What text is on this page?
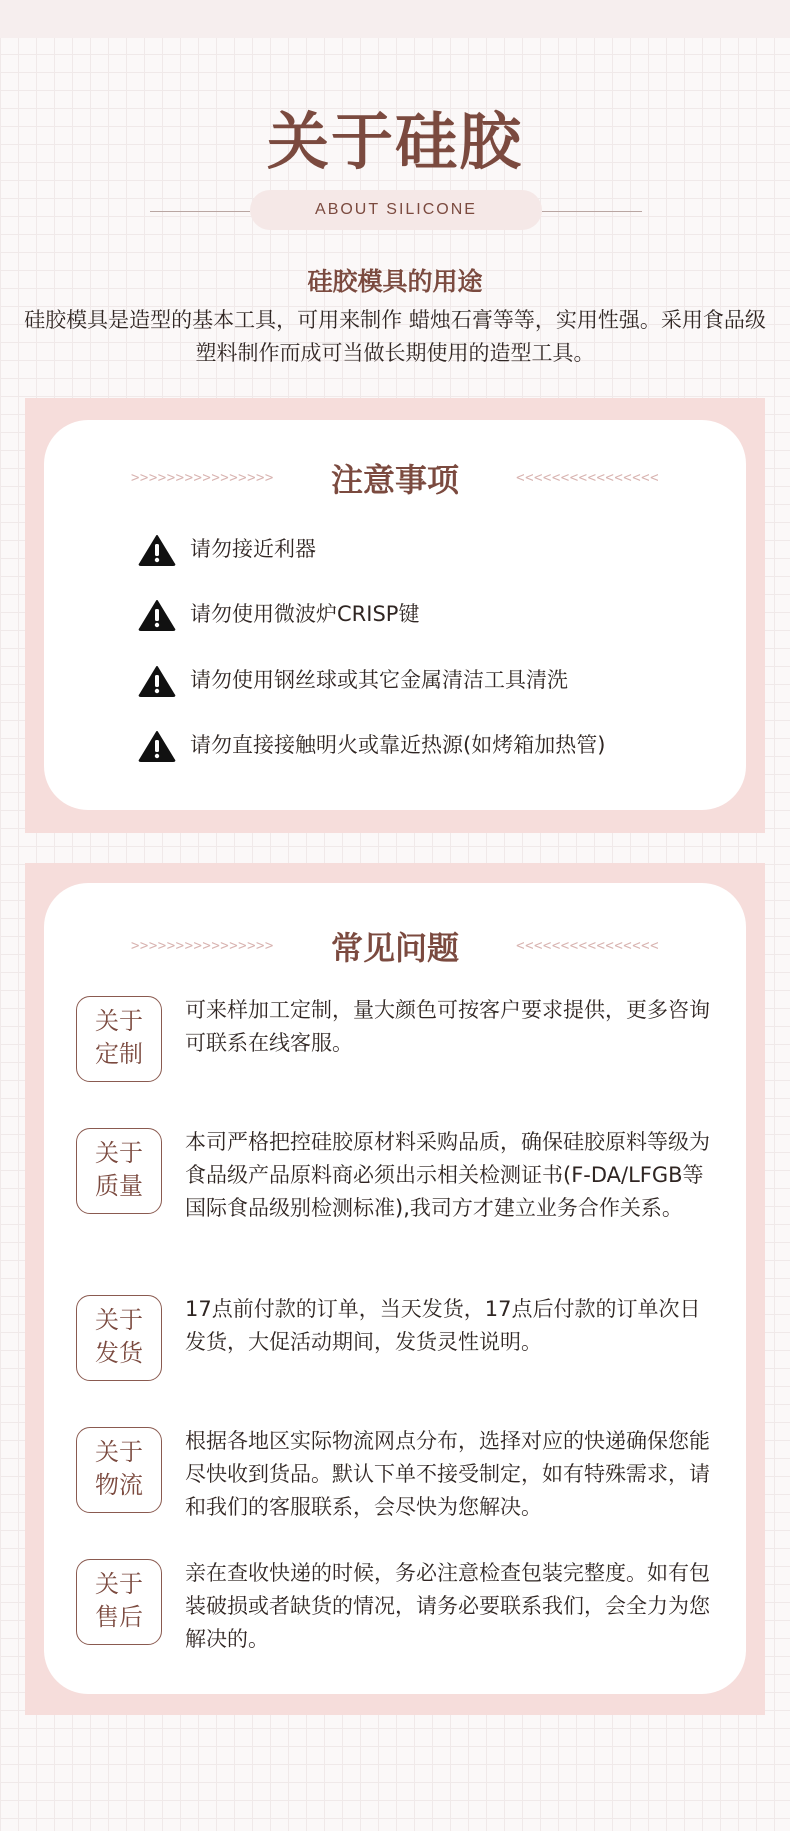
关于硅胶
ABOUT SILICONE
硅胶模具的用途
硅胶模具是造型的基本工具，可用来制作 蜡烛石膏等等，实用性强。采用食品级塑料制作而成可当做长期使用的造型工具。
>>>>>>>>>>>>>>>>	注意事项	<<<<<<<<<<<<<<<<
请勿接近利器
请勿使用微波炉CRISP键
请勿使用钢丝球或其它金属清洁工具清洗
请勿直接接触明火或靠近热源(如烤箱加热管)
>>>>>>>>>>>>>>>>	常见问题	<<<<<<<<<<<<<<<<
关于
定制
可来样加工定制，量大颜色可按客户要求提供，更多咨询可联系在线客服。
关于
质量
本司严格把控硅胶原材料采购品质，确保硅胶原料等级为食品级产品原料商必须出示相关检测证书(F-DA/LFGB等国际食品级别检测标准),我司方才建立业务合作关系。
关于
发货
17点前付款的订单，当天发货，17点后付款的订单次日发货，大促活动期间，发货灵性说明。
关于
物流
根据各地区实际物流网点分布，选择对应的快递确保您能尽快收到货品。默认下单不接受制定，如有特殊需求，请和我们的客服联系，会尽快为您解决。
关于
售后
亲在查收快递的时候，务必注意检查包装完整度。如有包装破损或者缺货的情况，请务必要联系我们，会全力为您解决的。
